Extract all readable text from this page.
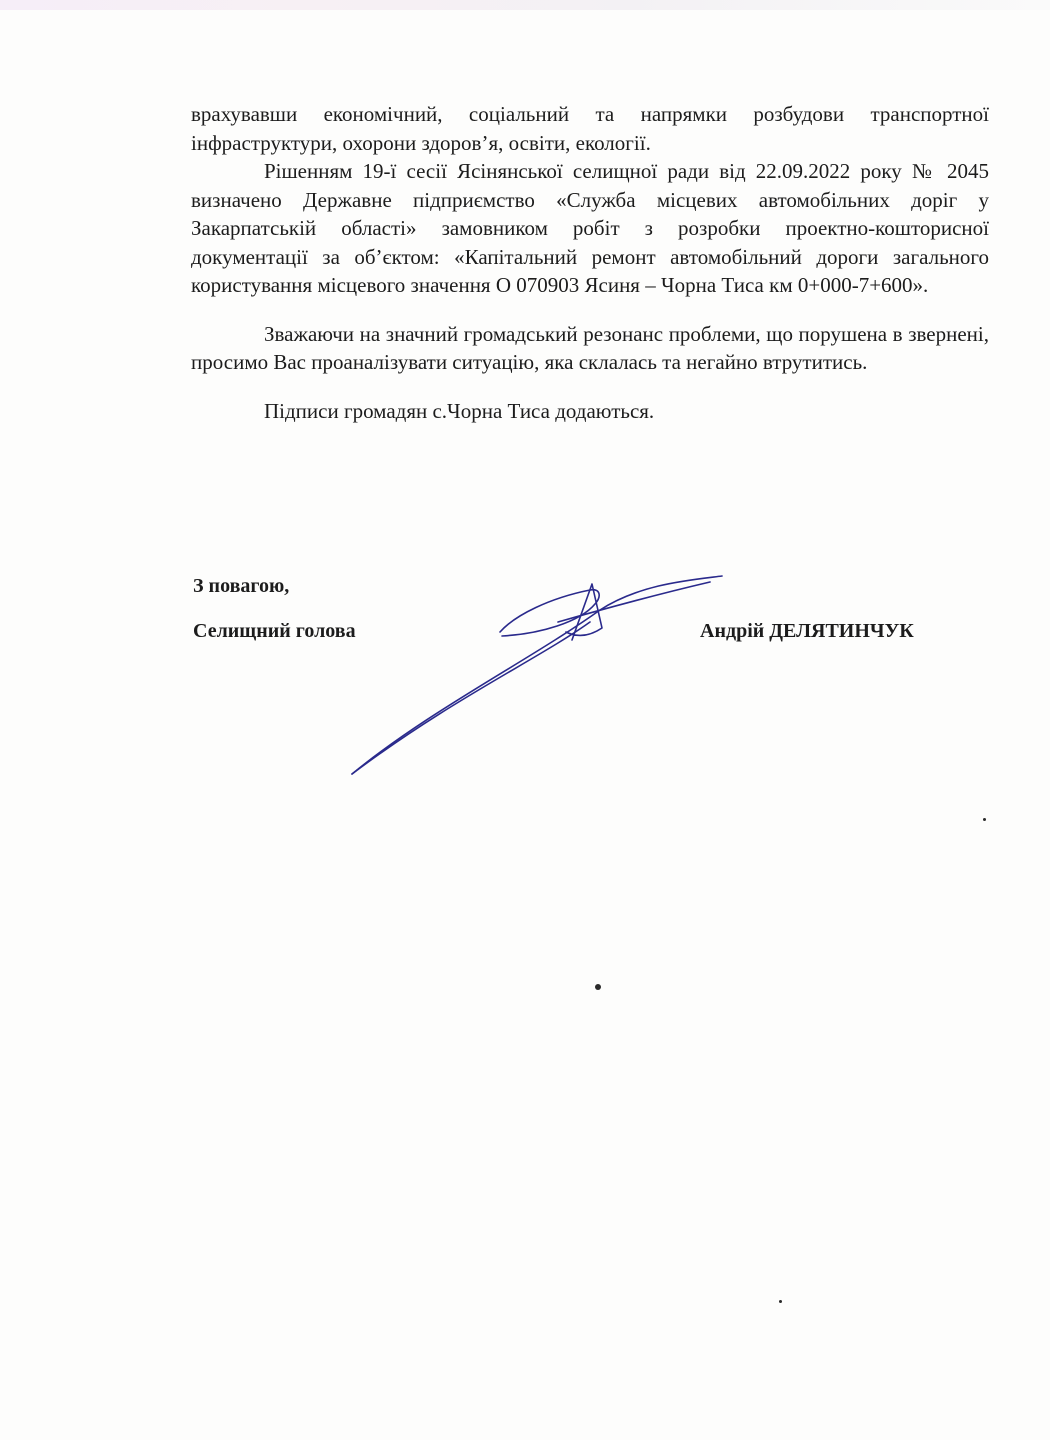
врахувавши економічний, соціальний та напрямки розбудови транспортної інфраструктури, охорони здоров’я, освіти, екології.

Рішенням 19-ї сесії Ясінянської селищної ради від 22.09.2022 року № 2045 визначено Державне підприємство «Служба місцевих автомобільних доріг у Закарпатській області» замовником робіт з розробки проектно-кошторисної документації за об’єктом: «Капітальний ремонт автомобільний дороги загального користування місцевого значення О 070903 Ясиня – Чорна Тиса км 0+000-7+600».

Зважаючи на значний громадський резонанс проблеми, що порушена в звернені, просимо Вас проаналізувати ситуацію, яка склалась та негайно втрутитись.

Підписи громадян с.Чорна Тиса додаються.

З повагою,
Селищний голова	Андрій ДЕЛЯТИНЧУК
